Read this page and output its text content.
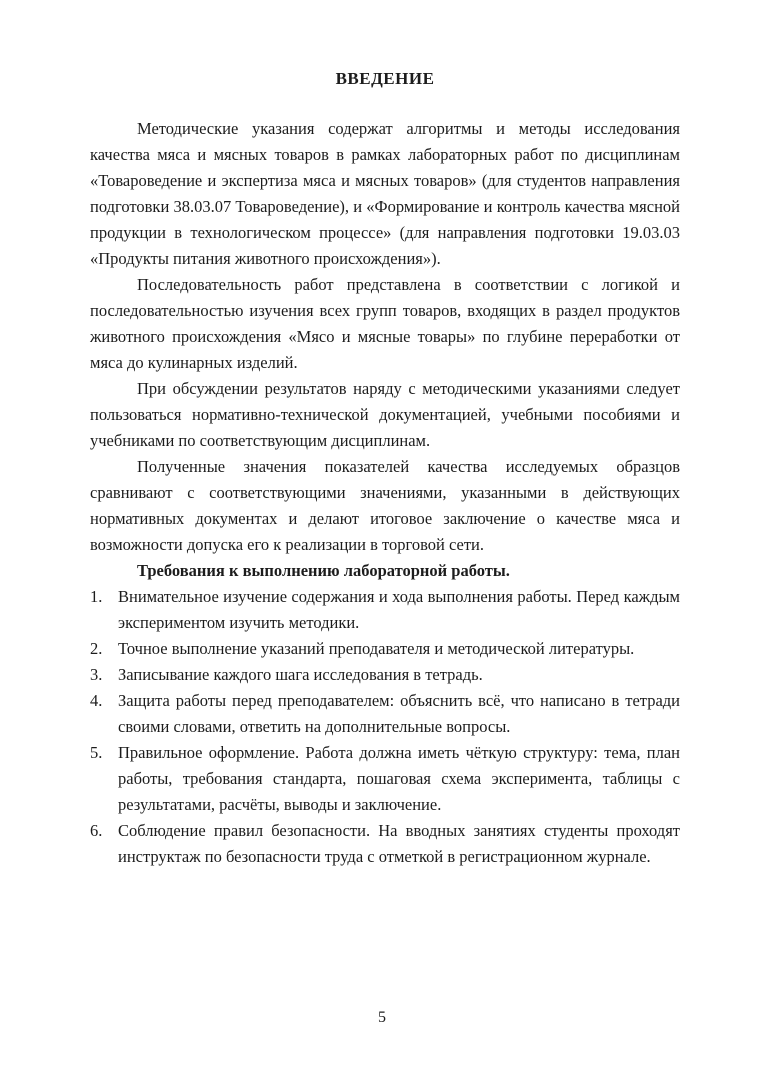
ВВЕДЕНИЕ

Методические указания содержат алгоритмы и методы исследования качества мяса и мясных товаров в рамках лабораторных работ по дисциплинам «Товароведение и экспертиза мяса и мясных товаров» (для студентов направления подготовки 38.03.07 Товароведение), и «Формирование и контроль качества мясной продукции в технологическом процессе» (для направления подготовки 19.03.03 «Продукты питания животного происхождения»).

Последовательность работ представлена в соответствии с логикой и последовательностью изучения всех групп товаров, входящих в раздел продуктов животного происхождения «Мясо и мясные товары» по глубине переработки от мяса до кулинарных изделий.

При обсуждении результатов наряду с методическими указаниями следует пользоваться нормативно-технической документацией, учебными пособиями и учебниками по соответствующим дисциплинам.

Полученные значения показателей качества исследуемых образцов сравнивают с соответствующими значениями, указанными в действующих нормативных документах и делают итоговое заключение о качестве мяса и возможности допуска его к реализации в торговой сети.

Требования к выполнению лабораторной работы.

1. Внимательное изучение содержания и хода выполнения работы. Перед каждым экспериментом изучить методики.
2. Точное выполнение указаний преподавателя и методической литературы.
3. Записывание каждого шага исследования в тетрадь.
4. Защита работы перед преподавателем: объяснить всё, что написано в тетради своими словами, ответить на дополнительные вопросы.
5. Правильное оформление. Работа должна иметь чёткую структуру: тема, план работы, требования стандарта, пошаговая схема эксперимента, таблицы с результатами, расчёты, выводы и заключение.
6. Соблюдение правил безопасности. На вводных занятиях студенты проходят инструктаж по безопасности труда с отметкой в регистрационном журнале.
5
